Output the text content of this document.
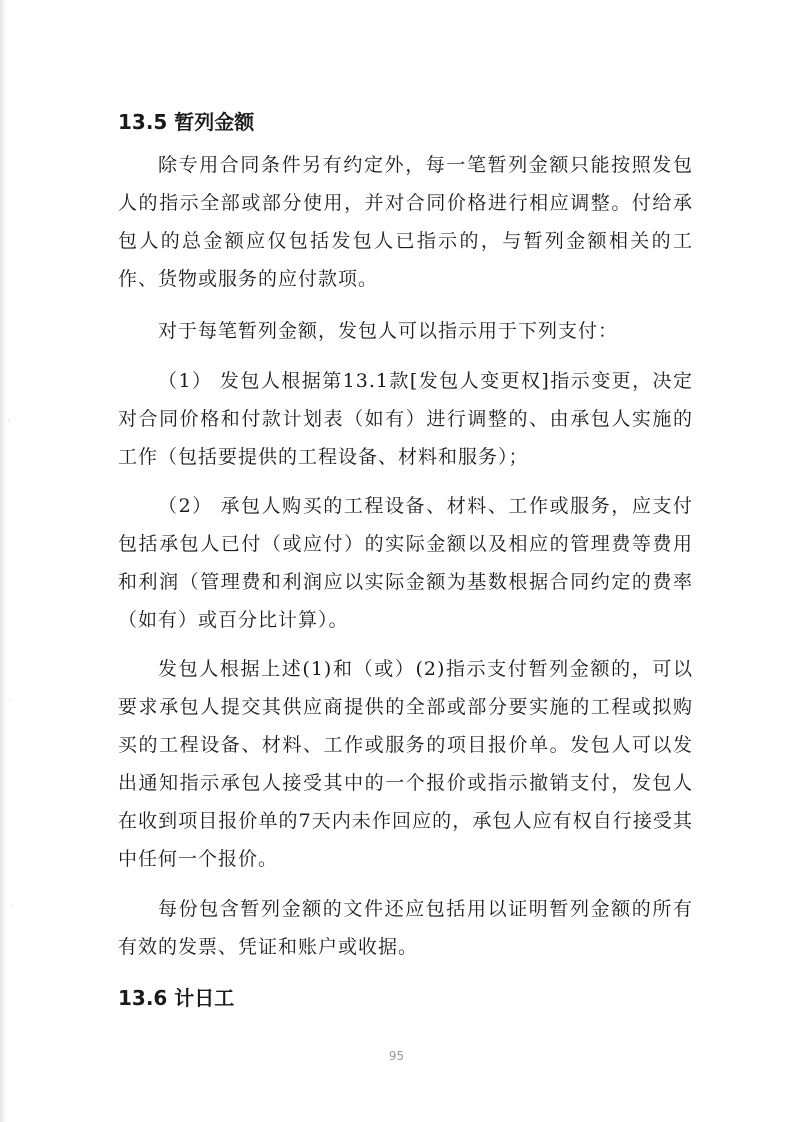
13.5 暂列金额
除专用合同条件另有约定外，每一笔暂列金额只能按照发包人的指示全部或部分使用，并对合同价格进行相应调整。付给承包人的总金额应仅包括发包人已指示的，与暂列金额相关的工作、货物或服务的应付款项。
对于每笔暂列金额，发包人可以指示用于下列支付：
（1） 发包人根据第13.1款[发包人变更权]指示变更，决定对合同价格和付款计划表（如有）进行调整的、由承包人实施的工作（包括要提供的工程设备、材料和服务）；
（2） 承包人购买的工程设备、材料、工作或服务，应支付包括承包人已付（或应付）的实际金额以及相应的管理费等费用和利润（管理费和利润应以实际金额为基数根据合同约定的费率（如有）或百分比计算）。
发包人根据上述(1)和（或）(2)指示支付暂列金额的，可以要求承包人提交其供应商提供的全部或部分要实施的工程或拟购买的工程设备、材料、工作或服务的项目报价单。发包人可以发出通知指示承包人接受其中的一个报价或指示撤销支付，发包人在收到项目报价单的7天内未作回应的，承包人应有权自行接受其中任何一个报价。
每份包含暂列金额的文件还应包括用以证明暂列金额的所有有效的发票、凭证和账户或收据。
13.6 计日工
95
